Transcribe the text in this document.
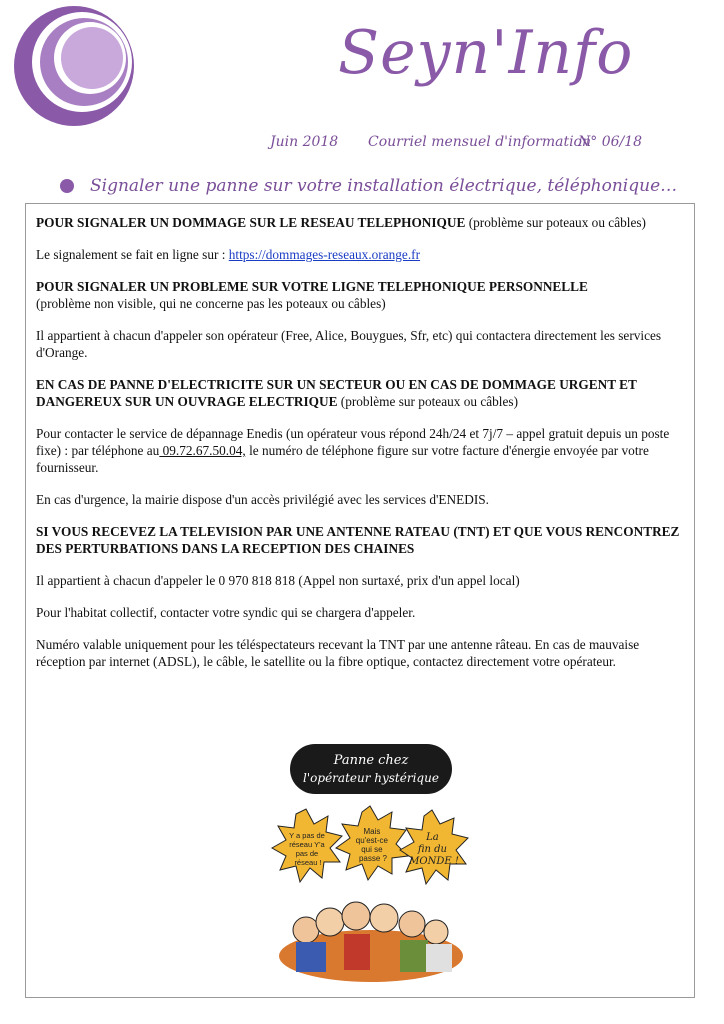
Seyn'Info
Juin 2018 Courriel mensuel d'information
N° 06/18
Signaler une panne sur votre installation électrique, téléphonique…

POUR SIGNALER UN DOMMAGE SUR LE RESEAU TELEPHONIQUE (problème sur poteaux ou câbles)

Le signalement se fait en ligne sur : https://dommages-reseaux.orange.fr

POUR SIGNALER UN PROBLEME SUR VOTRE LIGNE TELEPHONIQUE PERSONNELLE
(problème non visible, qui ne concerne pas les poteaux ou câbles)

Il appartient à chacun d'appeler son opérateur (Free, Alice, Bouygues, Sfr, etc) qui contactera directement les services d'Orange.

EN CAS DE PANNE D'ELECTRICITE SUR UN SECTEUR OU EN CAS DE DOMMAGE URGENT ET DANGEREUX SUR UN OUVRAGE ELECTRIQUE (problème sur poteaux ou câbles)

Pour contacter le service de dépannage Enedis (un opérateur vous répond 24h/24 et 7j/7 – appel gratuit depuis un poste fixe) : par téléphone au 09.72.67.50.04, le numéro de téléphone figure sur votre facture d'énergie envoyée par votre fournisseur.

En cas d'urgence, la mairie dispose d'un accès privilégié avec les services d'ENEDIS.

SI VOUS RECEVEZ LA TELEVISION PAR UNE ANTENNE RATEAU (TNT) ET QUE VOUS RENCONTREZ DES PERTURBATIONS DANS LA RECEPTION DES CHAINES

Il appartient à chacun d'appeler le 0 970 818 818 (Appel non surtaxé, prix d'un appel local)

Pour l'habitat collectif, contacter votre syndic qui se chargera d'appeler.

Numéro valable uniquement pour les téléspectateurs recevant la TNT par une antenne râteau. En cas de mauvaise réception par internet (ADSL), le câble, le satellite ou la fibre optique, contactez directement votre opérateur.

Panne chez
l'opérateur hystérique
Y a pas de réseau Y'a pas de réseau !
Mais qu'est-ce qui se passe ?
La fin du MONDE !
